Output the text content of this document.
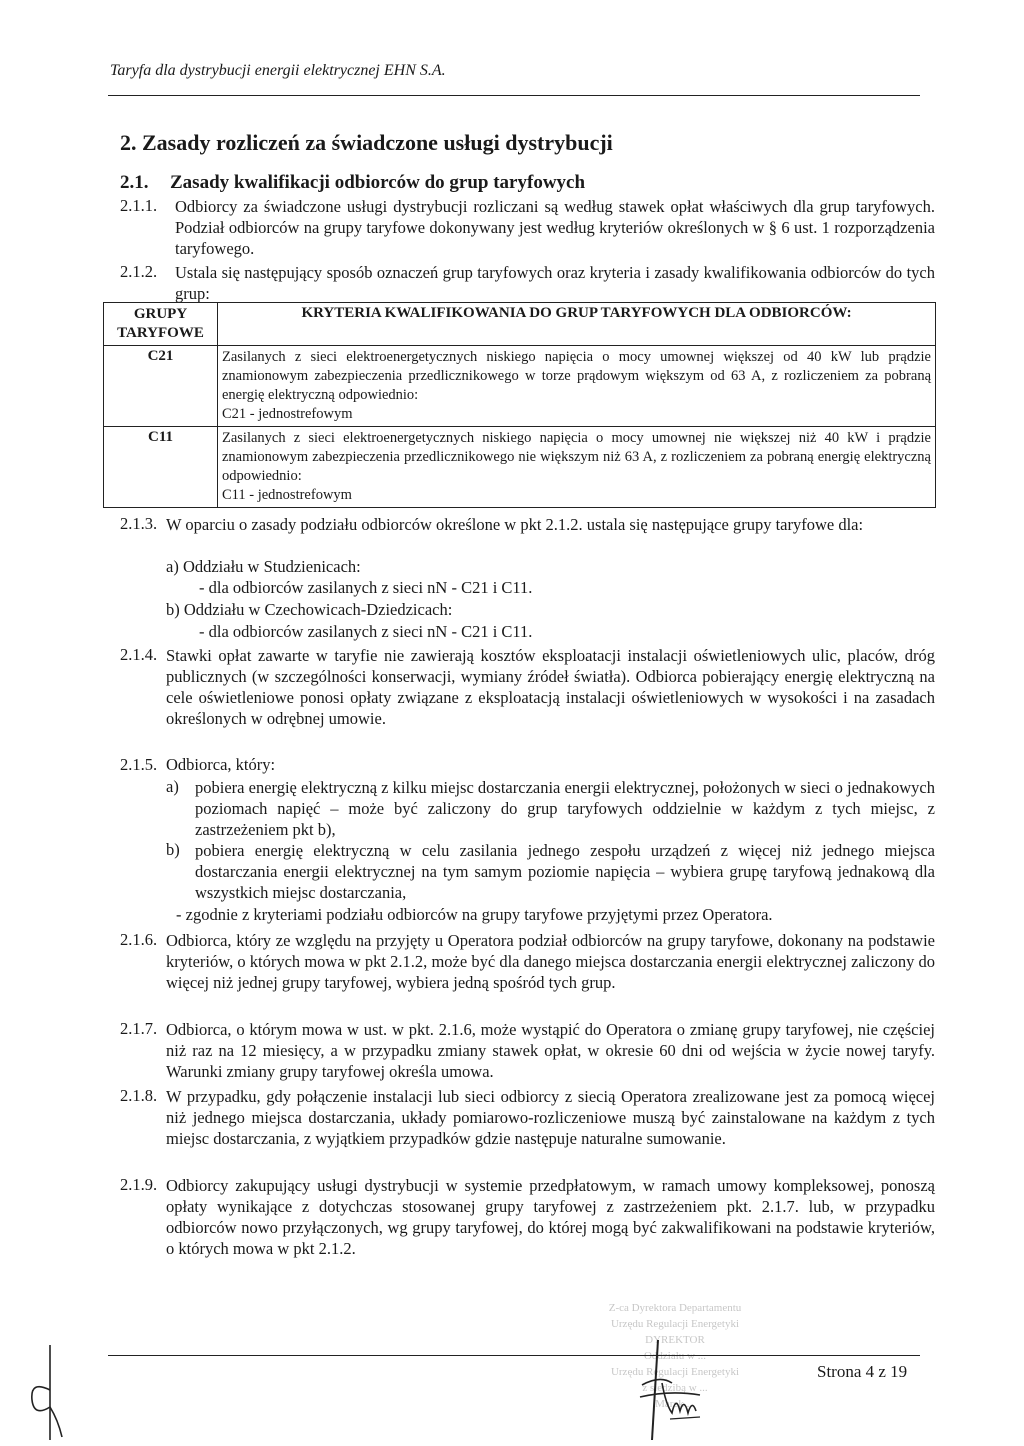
Taryfa dla dystrybucji energii elektrycznej EHN S.A.
2. Zasady rozliczeń za świadczone usługi dystrybucji
2.1. Zasady kwalifikacji odbiorców do grup taryfowych
2.1.1. Odbiorcy za świadczone usługi dystrybucji rozliczani są według stawek opłat właściwych dla grup taryfowych. Podział odbiorców na grupy taryfowe dokonywany jest według kryteriów określonych w § 6 ust. 1 rozporządzenia taryfowego.
2.1.2. Ustala się następujący sposób oznaczeń grup taryfowych oraz kryteria i zasady kwalifikowania odbiorców do tych grup:
GRUPY TARYFOWE	KRYTERIA KWALIFIKOWANIA DO GRUP TARYFOWYCH DLA ODBIORCÓW:
C21	Zasilanych z sieci elektroenergetycznych niskiego napięcia o mocy umownej większej od 40 kW lub prądzie znamionowym zabezpieczenia przedlicznikowego w torze prądowym większym od 63 A, z rozliczeniem za pobraną energię elektryczną odpowiednio:
C21 - jednostrefowym

C11	Zasilanych z sieci elektroenergetycznych niskiego napięcia o mocy umownej nie większej niż 40 kW i prądzie znamionowym zabezpieczenia przedlicznikowego nie większym niż 63 A, z rozliczeniem za pobraną energię elektryczną odpowiednio:
C11 - jednostrefowym
2.1.3. W oparciu o zasady podziału odbiorców określone w pkt 2.1.2. ustala się następujące grupy taryfowe dla:
a) Oddziału w Studzienicach:
- dla odbiorców zasilanych z sieci nN - C21 i C11.
b) Oddziału w Czechowicach-Dziedzicach:
- dla odbiorców zasilanych z sieci nN - C21 i C11.
2.1.4. Stawki opłat zawarte w taryfie nie zawierają kosztów eksploatacji instalacji oświetleniowych ulic, placów, dróg publicznych (w szczególności konserwacji, wymiany źródeł światła). Odbiorca pobierający energię elektryczną na cele oświetleniowe ponosi opłaty związane z eksploatacją instalacji oświetleniowych w wysokości i na zasadach określonych w odrębnej umowie.
2.1.5. Odbiorca, który:
a) pobiera energię elektryczną z kilku miejsc dostarczania energii elektrycznej, położonych w sieci o jednakowych poziomach napięć – może być zaliczony do grup taryfowych oddzielnie w każdym z tych miejsc, z zastrzeżeniem pkt b),
b) pobiera energię elektryczną w celu zasilania jednego zespołu urządzeń z więcej niż jednego miejsca dostarczania energii elektrycznej na tym samym poziomie napięcia – wybiera grupę taryfową jednakową dla wszystkich miejsc dostarczania,
- zgodnie z kryteriami podziału odbiorców na grupy taryfowe przyjętymi przez Operatora.
2.1.6. Odbiorca, który ze względu na przyjęty u Operatora podział odbiorców na grupy taryfowe, dokonany na podstawie kryteriów, o których mowa w pkt 2.1.2, może być dla danego miejsca dostarczania energii elektrycznej zaliczony do więcej niż jednej grupy taryfowej, wybiera jedną spośród tych grup.
2.1.7. Odbiorca, o którym mowa w ust. w pkt. 2.1.6, może wystąpić do Operatora o zmianę grupy taryfowej, nie częściej niż raz na 12 miesięcy, a w przypadku zmiany stawek opłat, w okresie 60 dni od wejścia w życie nowej taryfy. Warunki zmiany grupy taryfowej określa umowa.
2.1.8. W przypadku, gdy połączenie instalacji lub sieci odbiorcy z siecią Operatora zrealizowane jest za pomocą więcej niż jednego miejsca dostarczania, układy pomiarowo-rozliczeniowe muszą być zainstalowane na każdym z tych miejsc dostarczania, z wyjątkiem przypadków gdzie następuje naturalne sumowanie.
2.1.9. Odbiorcy zakupujący usługi dystrybucji w systemie przedpłatowym, w ramach umowy kompleksowej, ponoszą opłaty wynikające z dotychczas stosowanej grupy taryfowej z zastrzeżeniem pkt. 2.1.7. lub, w przypadku odbiorców nowo przyłączonych, wg grupy taryfowej, do której mogą być zakwalifikowani na podstawie kryteriów, o których mowa w pkt 2.1.2.
Z-ca Dyrektora Departamentu
Urzędu Regulacji Energetyki
DYREKTOR
Oddziału w ...
Urzędu Regulacji Energetyki
z siedzibą w ...
Marek ...
Strona 4 z 19
